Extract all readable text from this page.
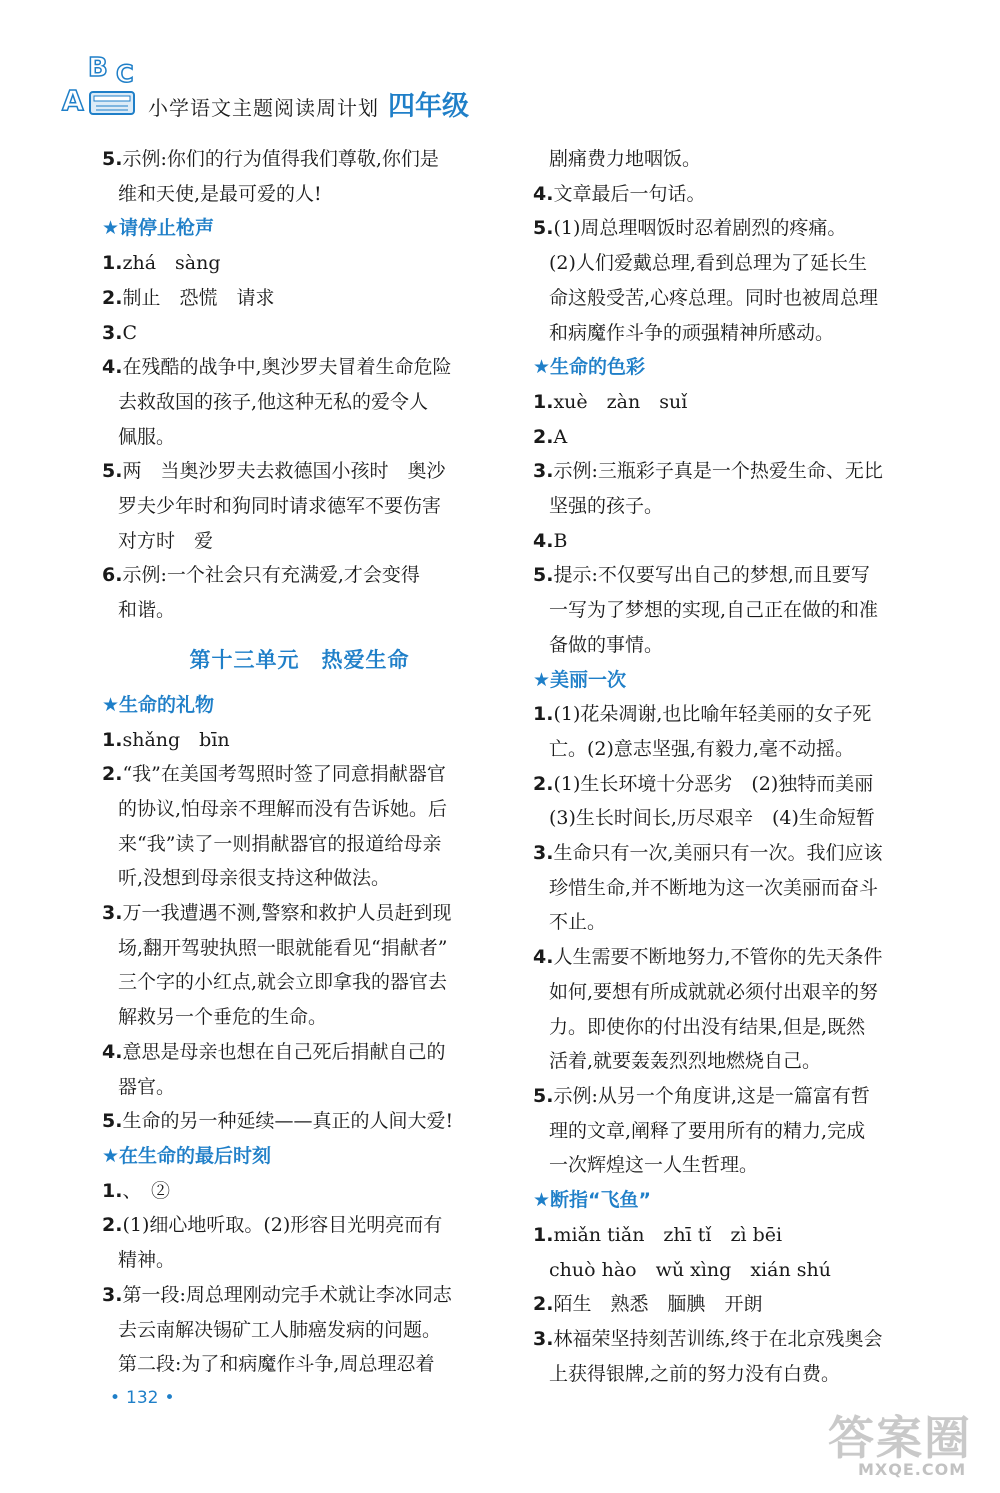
A
B C
小学语文主题阅读周计划 四年级
5.示例:你们的行为值得我们尊敬,你们是
维和天使,是最可爱的人!
★请停止枪声
1.zhá　sàng
2.制止　恐慌　请求
3.C
4.在残酷的战争中,奥沙罗夫冒着生命危险
去救敌国的孩子,他这种无私的爱令人
佩服。
5.两　当奥沙罗夫去救德国小孩时　奥沙
罗夫少年时和狗同时请求德军不要伤害
对方时　爱
6.示例:一个社会只有充满爱,才会变得
和谐。
第十三单元　热爱生命
★生命的礼物
1.shǎng　bīn
2.“我”在美国考驾照时签了同意捐献器官
的协议,怕母亲不理解而没有告诉她。后
来“我”读了一则捐献器官的报道给母亲
听,没想到母亲很支持这种做法。
3.万一我遭遇不测,警察和救护人员赶到现
场,翻开驾驶执照一眼就能看见“捐献者”
三个字的小红点,就会立即拿我的器官去
解救另一个垂危的生命。
4.意思是母亲也想在自己死后捐献自己的
器官。
5.生命的另一种延续——真正的人间大爱!
★在生命的最后时刻
1.、　②
2.(1)细心地听取。(2)形容目光明亮而有
精神。
3.第一段:周总理刚动完手术就让李冰同志
去云南解决锡矿工人肺癌发病的问题。
第二段:为了和病魔作斗争,周总理忍着
剧痛费力地咽饭。
4.文章最后一句话。
5.(1)周总理咽饭时忍着剧烈的疼痛。
(2)人们爱戴总理,看到总理为了延长生
命这般受苦,心疼总理。同时也被周总理
和病魔作斗争的顽强精神所感动。
★生命的色彩
1.xuè　zàn　suǐ
2.A
3.示例:三瓶彩子真是一个热爱生命、无比
坚强的孩子。
4.B
5.提示:不仅要写出自己的梦想,而且要写
一写为了梦想的实现,自己正在做的和准
备做的事情。
★美丽一次
1.(1)花朵凋谢,也比喻年轻美丽的女子死
亡。(2)意志坚强,有毅力,毫不动摇。
2.(1)生长环境十分恶劣　(2)独特而美丽
(3)生长时间长,历尽艰辛　(4)生命短暂
3.生命只有一次,美丽只有一次。我们应该
珍惜生命,并不断地为这一次美丽而奋斗
不止。
4.人生需要不断地努力,不管你的先天条件
如何,要想有所成就就必须付出艰辛的努
力。即使你的付出没有结果,但是,既然
活着,就要轰轰烈烈地燃烧自己。
5.示例:从另一个角度讲,这是一篇富有哲
理的文章,阐释了要用所有的精力,完成
一次辉煌这一人生哲理。
★断指“飞鱼”
1.miǎn tiǎn　zhī tǐ　zì bēi
chuò hào　wǔ xìng　xián shú
2.陌生　熟悉　腼腆　开朗
3.林福荣坚持刻苦训练,终于在北京残奥会
上获得银牌,之前的努力没有白费。
• 132 •
答案圈
MXQE.COM
